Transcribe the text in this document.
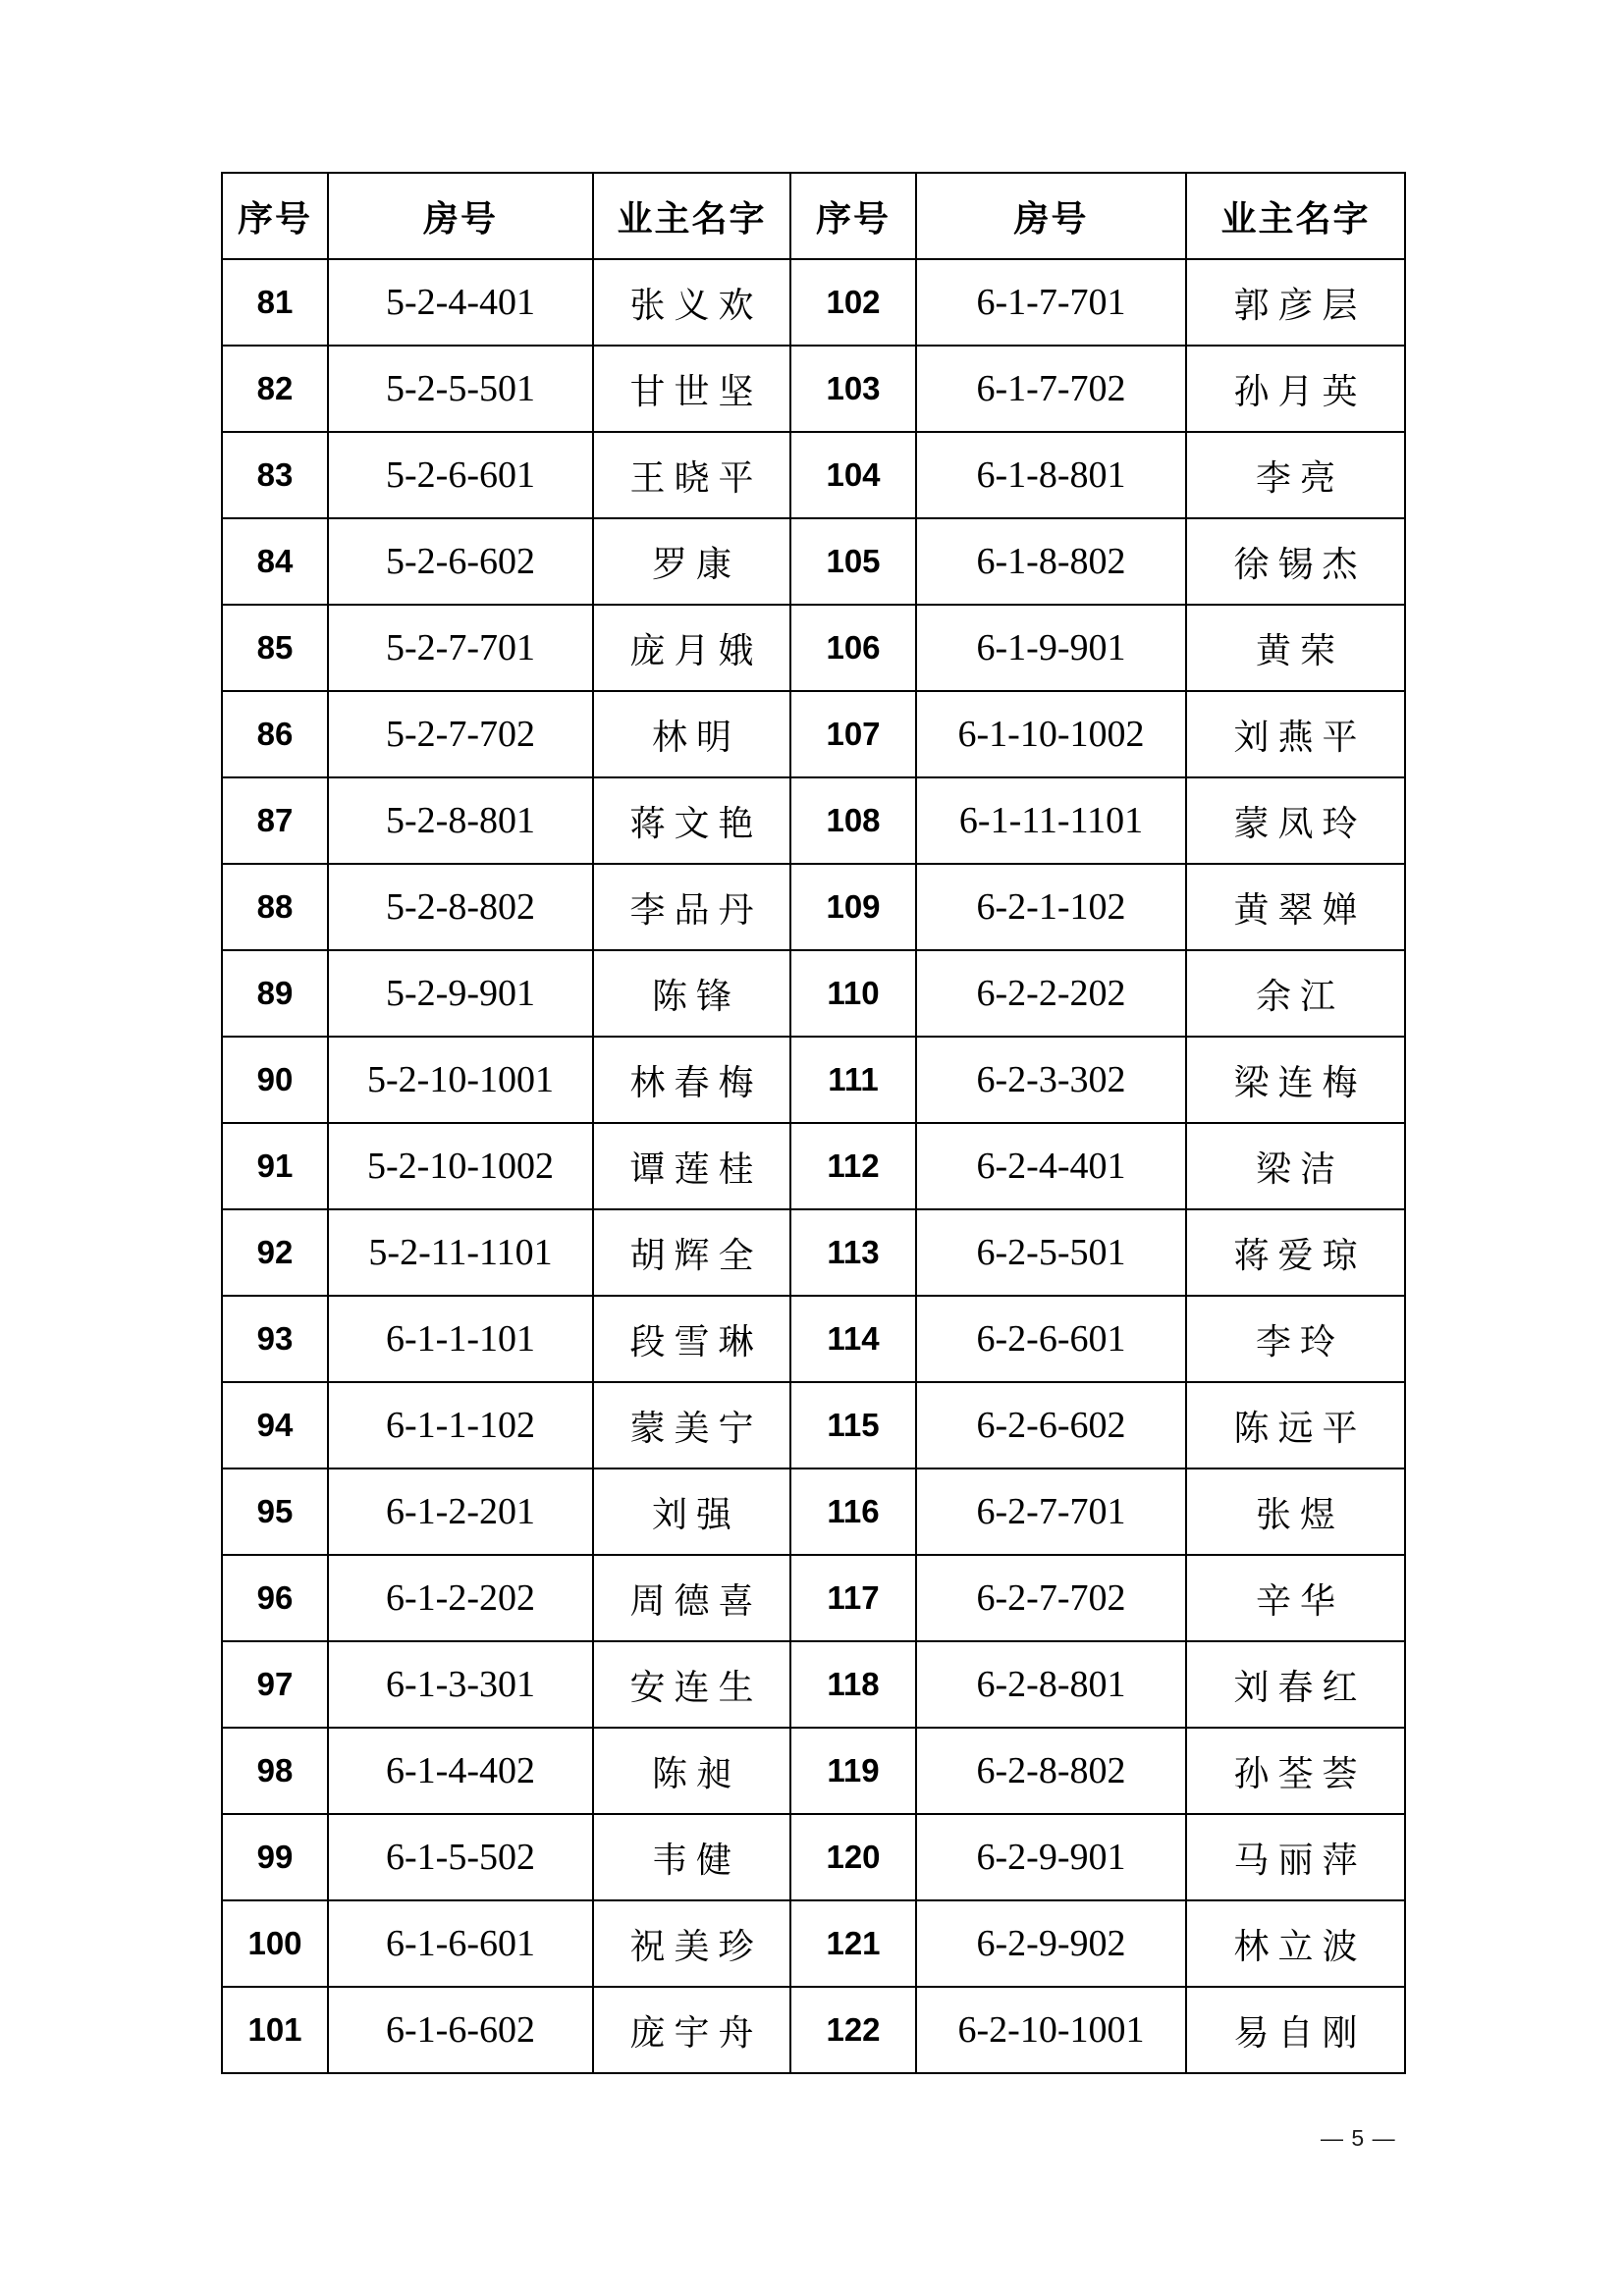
序号	房号	业主名字	序号	房号	业主名字
81	5-2-4-401	张义欢	102	6-1-7-701	郭彦层
82	5-2-5-501	甘世坚	103	6-1-7-702	孙月英
83	5-2-6-601	王晓平	104	6-1-8-801	李亮
84	5-2-6-602	罗康	105	6-1-8-802	徐锡杰
85	5-2-7-701	庞月娥	106	6-1-9-901	黄荣
86	5-2-7-702	林明	107	6-1-10-1002	刘燕平
87	5-2-8-801	蒋文艳	108	6-1-11-1101	蒙凤玲
88	5-2-8-802	李品丹	109	6-2-1-102	黄翠婵
89	5-2-9-901	陈锋	110	6-2-2-202	余江
90	5-2-10-1001	林春梅	111	6-2-3-302	梁连梅
91	5-2-10-1002	谭莲桂	112	6-2-4-401	梁洁
92	5-2-11-1101	胡辉全	113	6-2-5-501	蒋爱琼
93	6-1-1-101	段雪琳	114	6-2-6-601	李玲
94	6-1-1-102	蒙美宁	115	6-2-6-602	陈远平
95	6-1-2-201	刘强	116	6-2-7-701	张煜
96	6-1-2-202	周德喜	117	6-2-7-702	辛华
97	6-1-3-301	安连生	118	6-2-8-801	刘春红
98	6-1-4-402	陈昶	119	6-2-8-802	孙荃荟
99	6-1-5-502	韦健	120	6-2-9-901	马丽萍
100	6-1-6-601	祝美珍	121	6-2-9-902	林立波
101	6-1-6-602	庞宇舟	122	6-2-10-1001	易自刚
— 5 —
